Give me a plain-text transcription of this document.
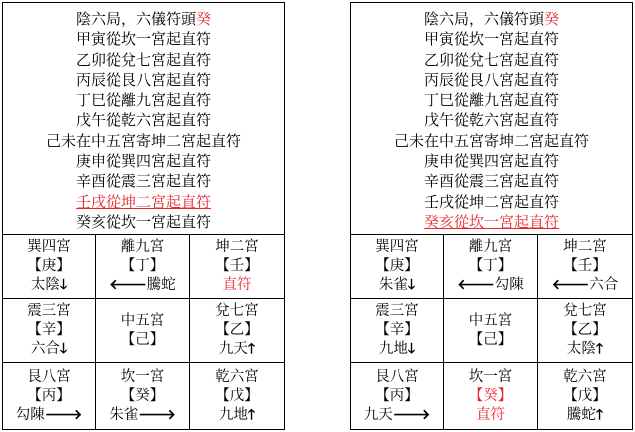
陰六局，六儀符頭癸
甲寅從坎一宮起直符
乙卯從兌七宮起直符
丙辰從艮八宮起直符
丁巳從離九宮起直符
戊午從乾六宮起直符
己未在中五宮寄坤二宮起直符
庚申從巽四宮起直符
辛酉從震三宮起直符
壬戌從坤二宮起直符
癸亥從坎一宮起直符
巽四宮
【庚】
太陰🡓
離九宮
【丁】
🡐騰蛇
坤二宮
【壬】
直符
震三宮
【辛】
六合🡓
中五宮
【己】
兌七宮
【乙】
九天🡑
艮八宮
【丙】
勾陳🡒
坎一宮
【癸】
朱雀🡒
乾六宮
【戊】
九地🡑
陰六局，六儀符頭癸
甲寅從坎一宮起直符
乙卯從兌七宮起直符
丙辰從艮八宮起直符
丁巳從離九宮起直符
戊午從乾六宮起直符
己未在中五宮寄坤二宮起直符
庚申從巽四宮起直符
辛酉從震三宮起直符
壬戌從坤二宮起直符
癸亥從坎一宮起直符
巽四宮
【庚】
朱雀🡓
離九宮
【丁】
🡐勾陳
坤二宮
【壬】
🡐六合
震三宮
【辛】
九地🡓
中五宮
【己】
兌七宮
【乙】
太陰🡑
艮八宮
【丙】
九天🡒
坎一宮
【癸】
直符
乾六宮
【戊】
騰蛇🡑
